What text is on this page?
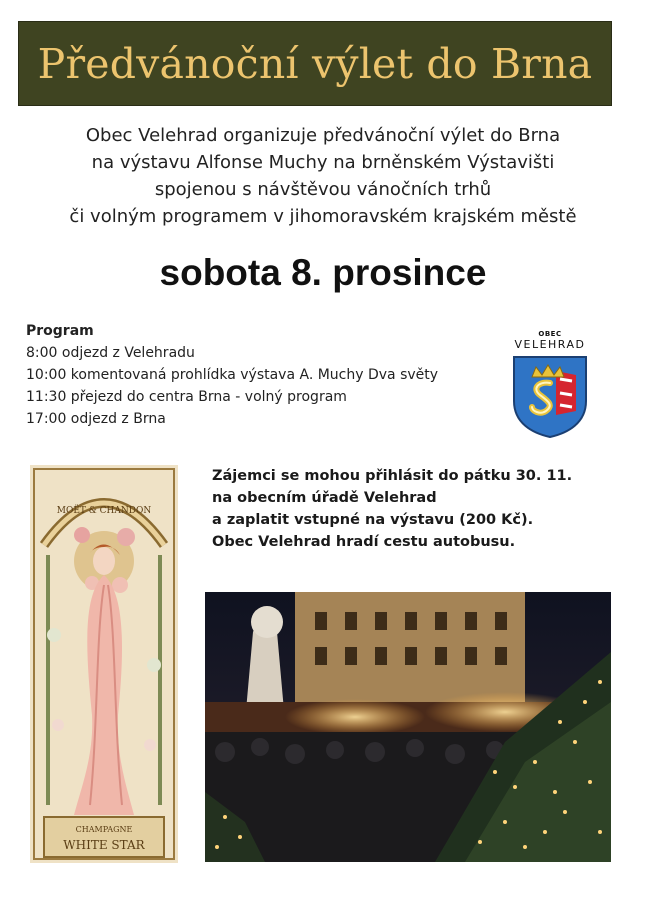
Předvánoční výlet do Brna
Obec Velehrad organizuje předvánoční výlet do Brna
na výstavu Alfonse Muchy na brněnském Výstavišti
spojenou s návštěvou vánočních trhů
či volným programem v jihomoravském krajském městě
sobota 8. prosince
Program
8:00 odjezd z Velehradu
10:00 komentovaná prohlídka výstava A. Muchy Dva světy
11:30 přejezd do centra Brna - volný program
17:00 odjezd z Brna
OBEC
VELEHRAD
MOËT & CHANDON
CHAMPAGNE
WHITE STAR
Zájemci se mohou přihlásit do pátku 30. 11.
na obecním úřadě Velehrad
a zaplatit vstupné na výstavu (200 Kč).
Obec Velehrad hradí cestu autobusu.
